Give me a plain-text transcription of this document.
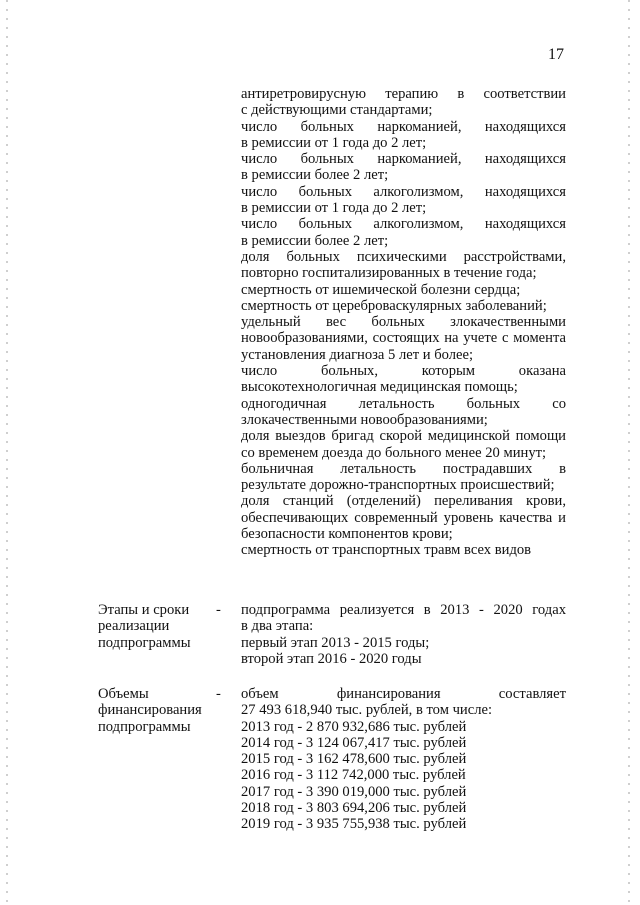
17

антиретровирусную терапию в соответствии

с действующими стандартами;

число больных наркоманией, находящихся

в ремиссии от 1 года до 2 лет;

число больных наркоманией, находящихся

в ремиссии более 2 лет;

число больных алкоголизмом, находящихся

в ремиссии от 1 года до 2 лет;

число больных алкоголизмом, находящихся

в ремиссии более 2 лет;

доля больных психическими расстройствами,

повторно госпитализированных в течение года;

смертность от ишемической болезни сердца;

смертность от цереброваскулярных заболеваний;

удельный вес больных злокачественными

новообразованиями, состоящих на учете с момента

установления диагноза 5 лет и более;

число больных, которым оказана

высокотехнологичная медицинская помощь;

одногодичная летальность больных со

злокачественными новообразованиями;

доля выездов бригад скорой медицинской помощи

со временем доезда до больного менее 20 минут;

больничная летальность пострадавших в

результате дорожно-транспортных происшествий;

доля станций (отделений) переливания крови,

обеспечивающих современный уровень качества и

безопасности компонентов крови;

смертность от транспортных травм всех видов

Этапы и сроки
реализации
подпрограммы
- подпрограмма реализуется в 2013 - 2020 годах

в два этапа:

первый этап 2013 - 2015 годы;

второй этап 2016 - 2020 годы

Объемы
финансирования
подпрограммы
- объем финансирования составляет

27 493 618,940 тыс. рублей, в том числе:

2013 год - 2 870 932,686 тыс. рублей

2014 год - 3 124 067,417 тыс. рублей

2015 год - 3 162 478,600 тыс. рублей

2016 год - 3 112 742,000 тыс. рублей

2017 год - 3 390 019,000 тыс. рублей

2018 год - 3 803 694,206 тыс. рублей

2019 год - 3 935 755,938 тыс. рублей
